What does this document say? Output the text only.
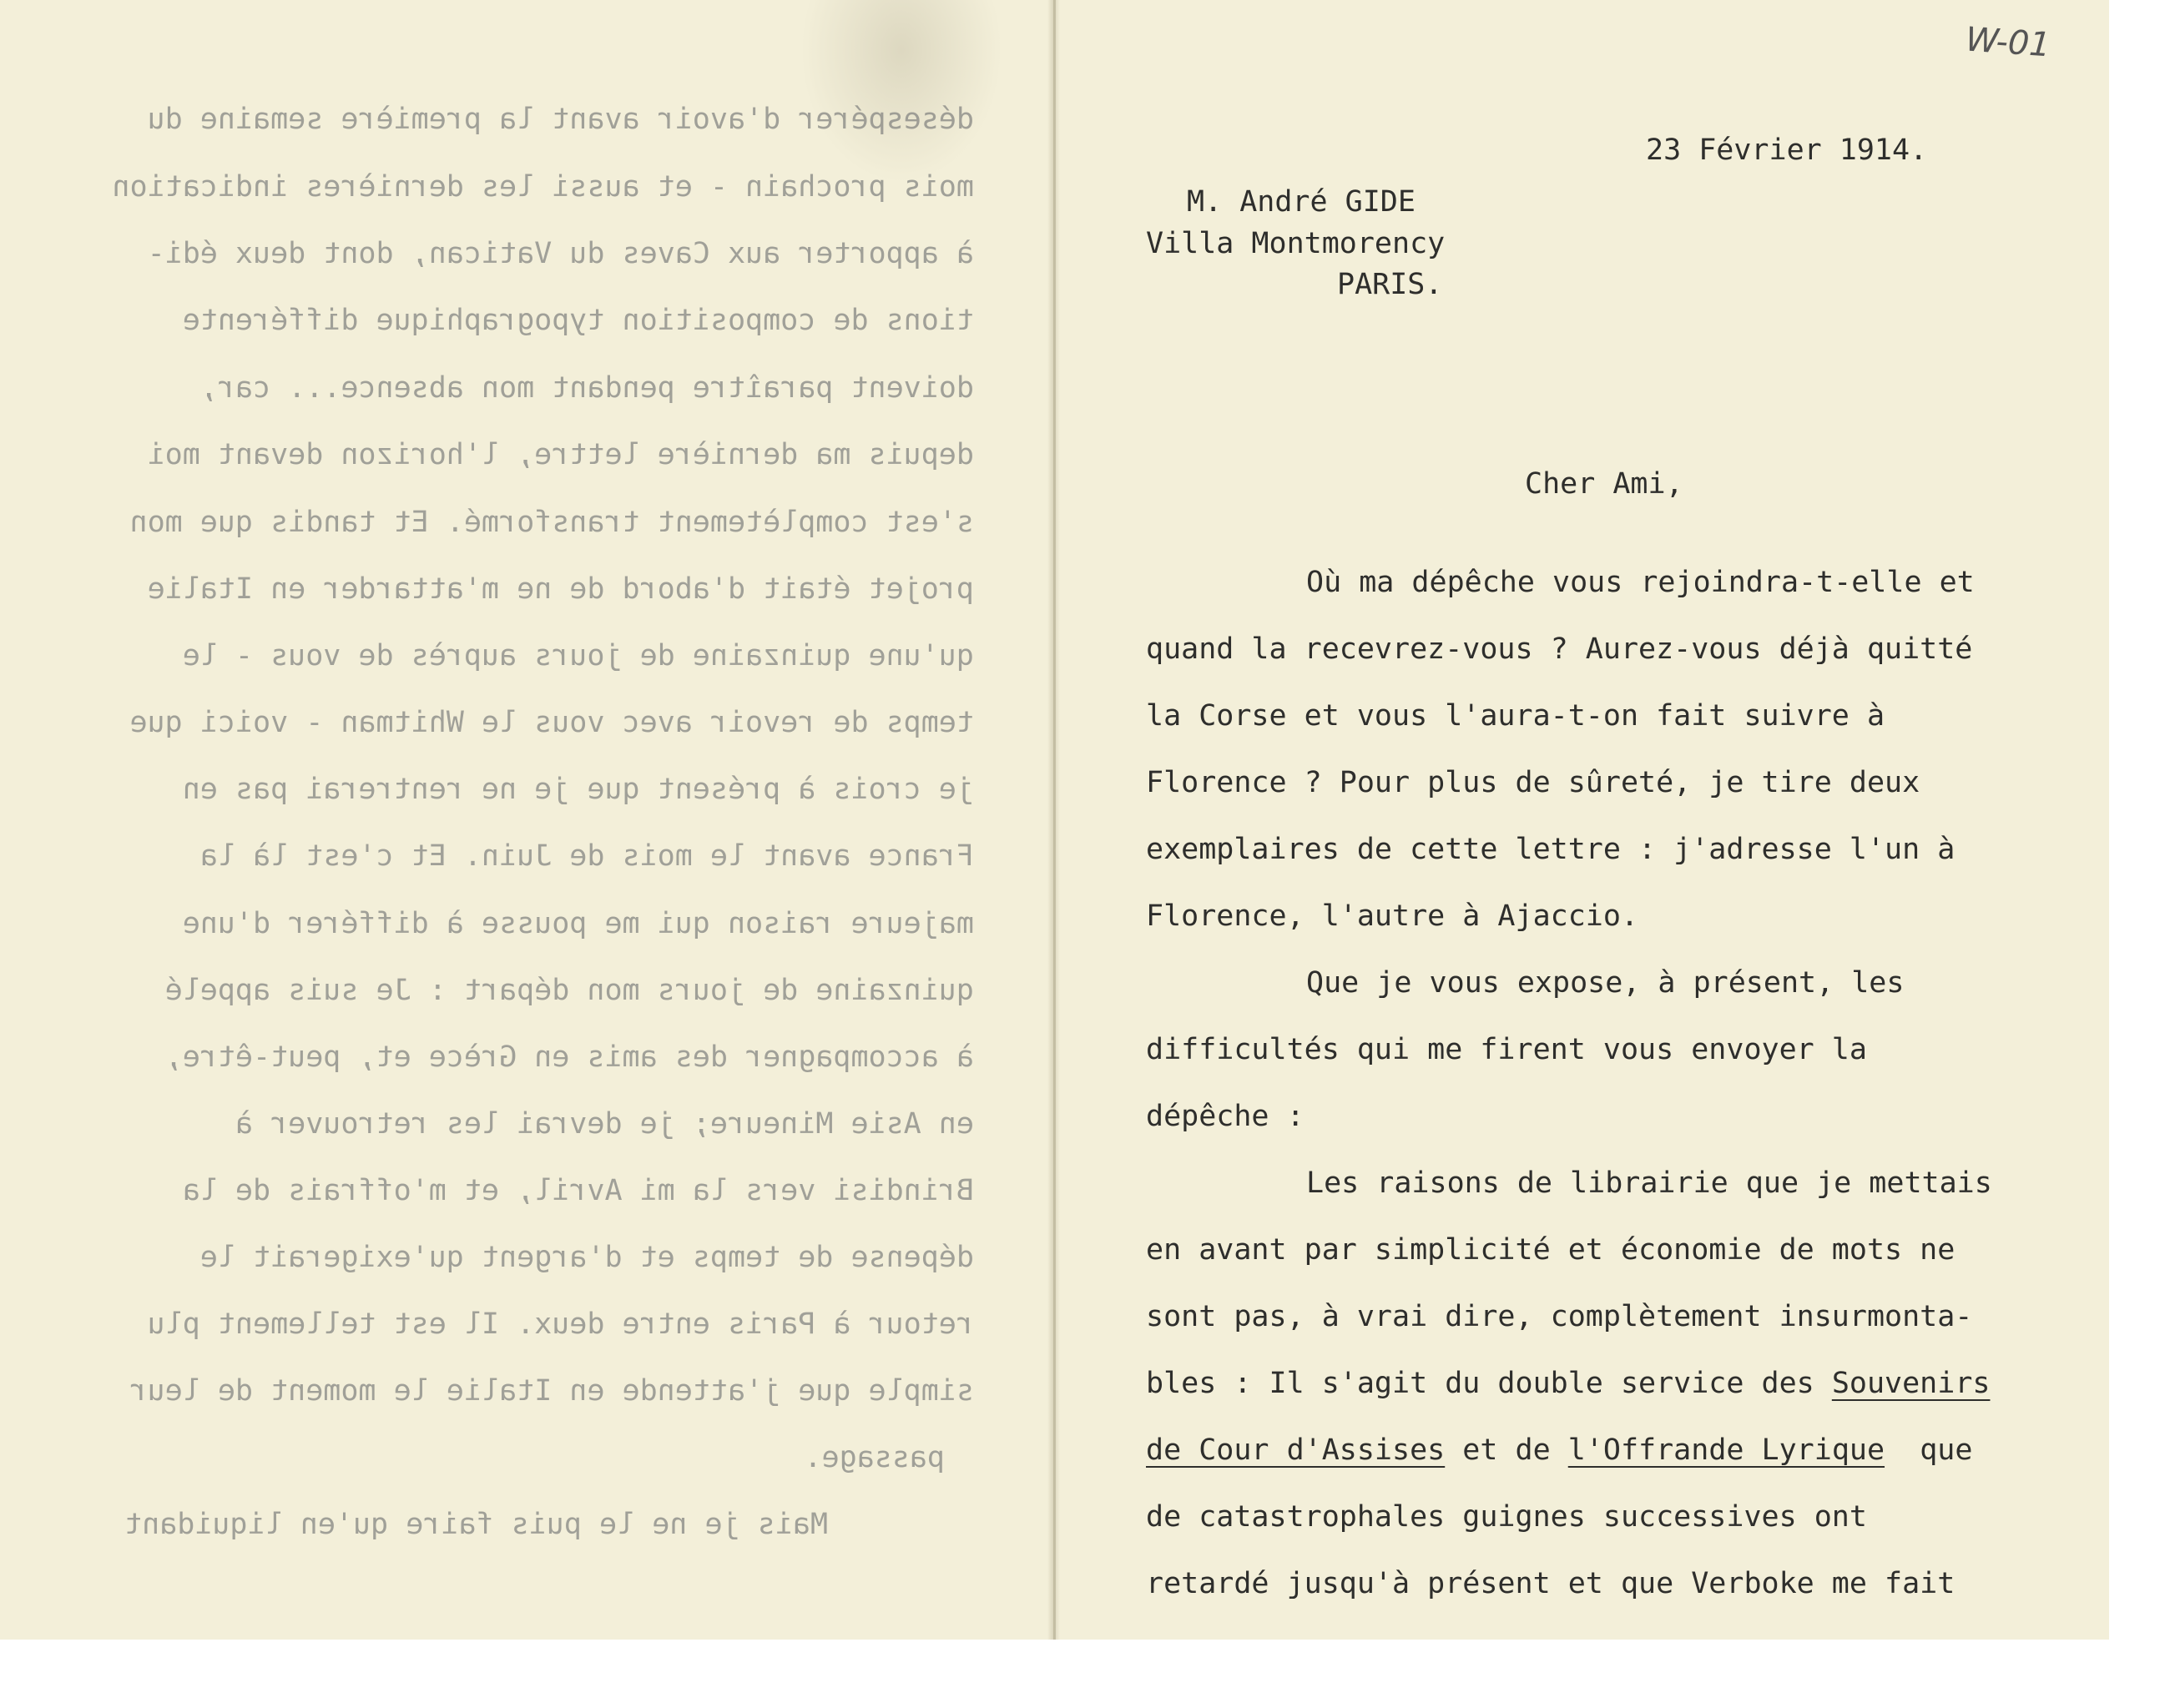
désespérer d'avoir avant la première semaine du
mois prochain - et aussi les dernières indication
à apporter aux Caves du Vatican, dont deux édi-
tions de composition typographique différente
doivent paraître pendant mon absence... car,
depuis ma dernière lettre, l'horizon devant moi
s'est complètement transformé. Et tandis que mon
projet était d'abord de ne m'attarder en Italie
qu'une quinzaine de jours auprès de vous - le
temps de revoir avec vous le Whitman - voici que
je crois à présent que je ne rentrerai pas en
France avant le mois de Juin. Et c'est là la
majeure raison qui me pousse à différer d'une
quinzaine de jours mon départ : Je suis appelé
à accompagner des amis en Grèce et, peut-être,
en Asie Mineure; je devrai les retrouver à
Brindisi vers la mi Avril, et m'offrais de la
dépense de temps et d'argent qu'exigerait le
retour à Paris entre deux. Il est tellement plu
simple que j'attende en Italie le moment de leur
passage.
Mais je ne le puis faire qu'en liquidant
23 Février 1914.
M. André GIDE
Villa Montmorency
PARIS.
Cher Ami,
Où ma dépêche vous rejoindra-t-elle et
quand la recevrez-vous ? Aurez-vous déjà quitté
la Corse et vous l'aura-t-on fait suivre à
Florence ? Pour plus de sûreté, je tire deux
exemplaires de cette lettre : j'adresse l'un à
Florence, l'autre à Ajaccio.
Que je vous expose, à présent, les
difficultés qui me firent vous envoyer la
dépêche :
Les raisons de librairie que je mettais
en avant par simplicité et économie de mots ne
sont pas, à vrai dire, complètement insurmonta-
bles : Il s'agit du double service des Souvenirs
de Cour d'Assises et de l'Offrande Lyrique  que
de catastrophales guignes successives ont
retardé jusqu'à présent et que Verboke me fait
W-01
